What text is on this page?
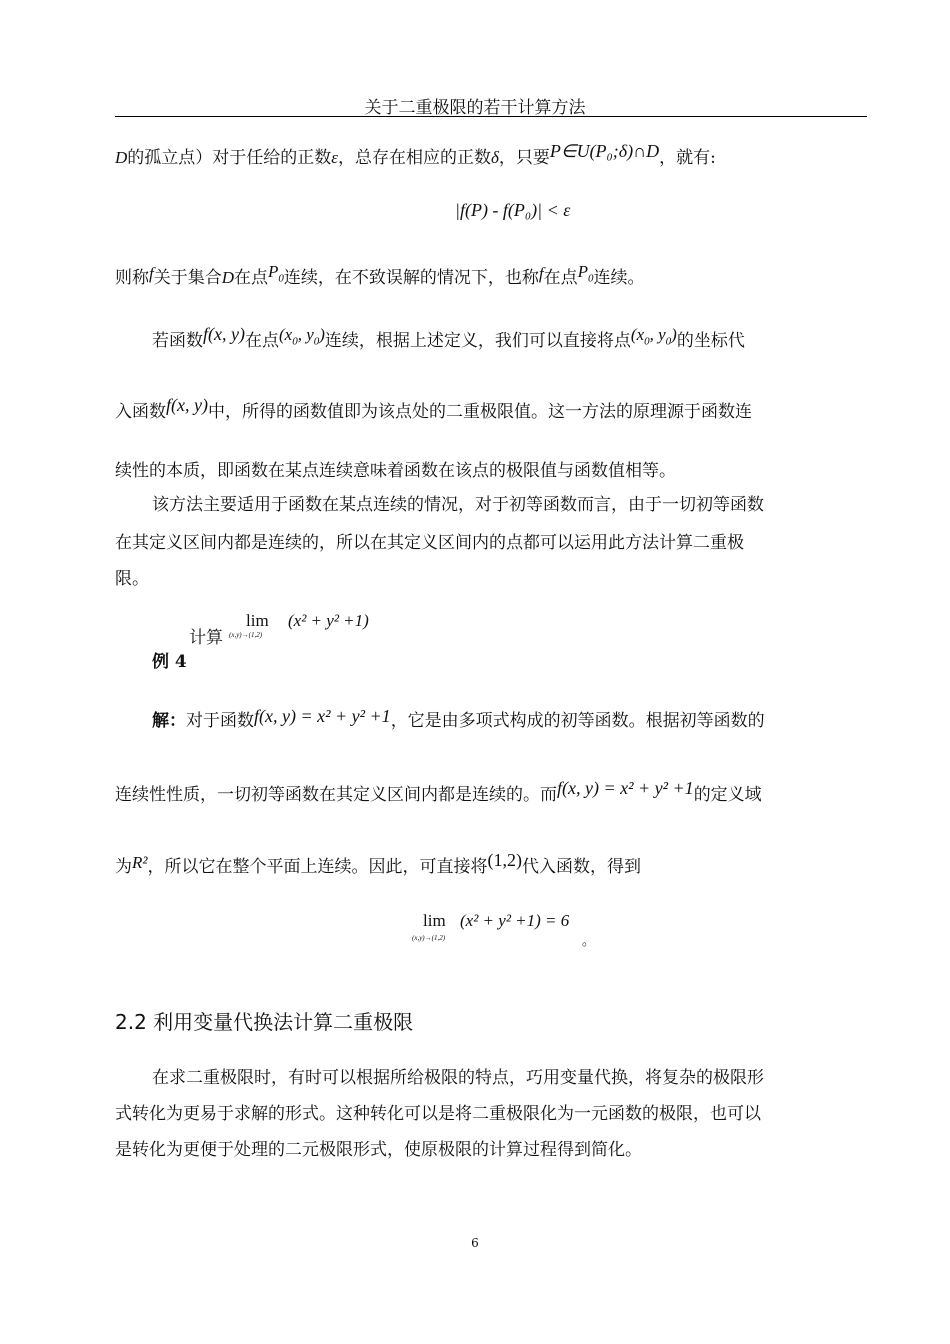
关于二重极限的若干计算方法
D的孤立点）对于任给的正数ε，总存在相应的正数δ，只要P∈U(P₀;δ)∩D，就有:
|f(P) - f(P₀)| < ε
则称f关于集合D在点$P_0$连续，在不致误解的情况下，也称f在点$P_0$连续。
若函数f(x, y)在点($x_0$, $y_0$)连续，根据上述定义，我们可以直接将点($x_0$, $y_0$)的坐标代
入函数f(x, y)中，所得的函数值即为该点处的二重极限值。这一方法的原理源于函数连
续性的本质，即函数在某点连续意味着函数在该点的极限值与函数值相等。
该方法主要适用于函数在某点连续的情况，对于初等函数而言，由于一切初等函数
在其定义区间内都是连续的，所以在其定义区间内的点都可以运用此方法计算二重极
限。
计算
lim
(x,y)→(1,2)
(x² + y² +1)
例 4
解：对于函数f(x, y) = x² + y² +1，它是由多项式构成的初等函数。根据初等函数的
连续性性质，一切初等函数在其定义区间内都是连续的。而f(x, y) = x² + y² +1的定义域
为R²，所以它在整个平面上连续。因此，可直接将(1,2)代入函数，得到
lim
(x,y)→(1,2)
(x² + y² +1) = 6
。
2.2 利用变量代换法计算二重极限
在求二重极限时，有时可以根据所给极限的特点，巧用变量代换，将复杂的极限形
式转化为更易于求解的形式。这种转化可以是将二重极限化为一元函数的极限，也可以
是转化为更便于处理的二元极限形式，使原极限的计算过程得到简化。
6
